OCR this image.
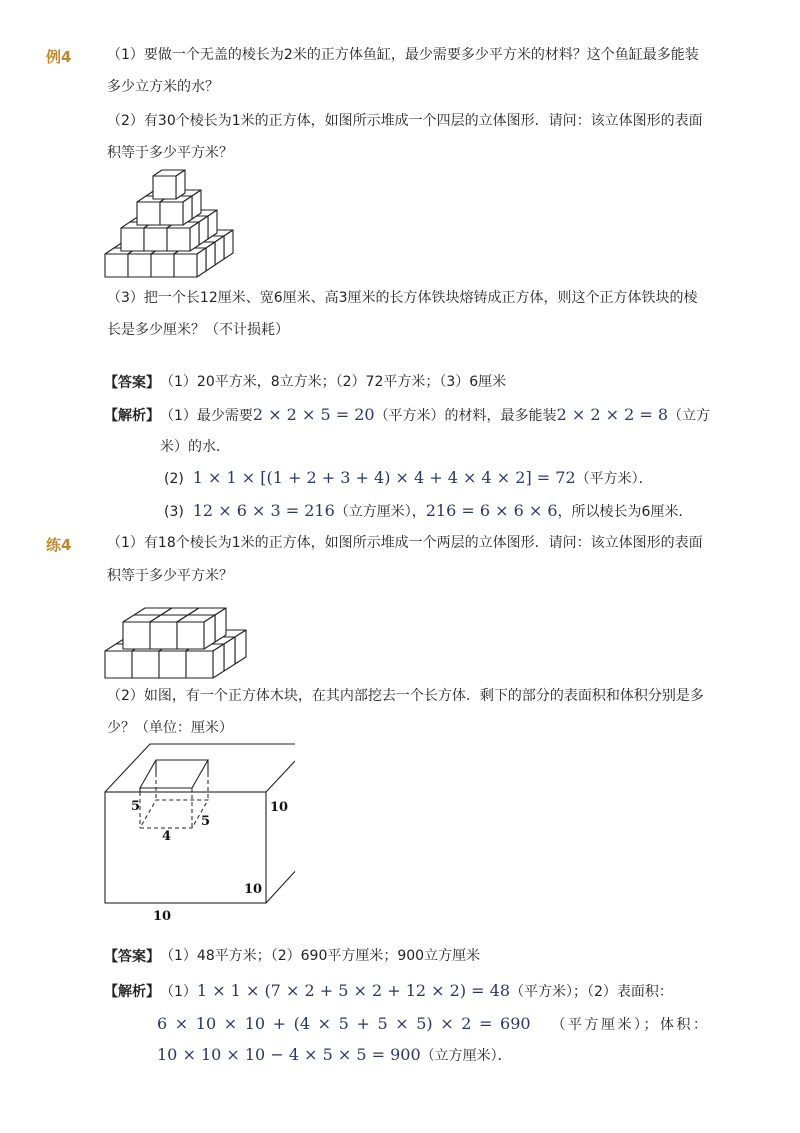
例4	（1）要做一个无盖的棱长为2米的正方体鱼缸，最少需要多少平方米的材料？这个鱼缸最多能装
多少立方米的水？
（2）有30个棱长为1米的正方体，如图所示堆成一个四层的立体图形．请问：该立体图形的表面
积等于多少平方米？
（3）把一个长12厘米、宽6厘米、高3厘米的长方体铁块熔铸成正方体，则这个正方体铁块的棱
长是多少厘米？（不计损耗）
【答案】 （1）20平方米，8立方米；（2）72平方米；（3）6厘米
【解析】 （1）最少需要2 × 2 × 5 = 20（平方米）的材料，最多能装2 × 2 × 2 = 8（立方
米）的水．
(2) 1 × 1 × [(1 + 2 + 3 + 4) × 4 + 4 × 4 × 2] = 72（平方米）．
(3) 12 × 6 × 3 = 216（立方厘米），216 = 6 × 6 × 6，所以棱长为6厘米．
练4	（1）有18个棱长为1米的正方体，如图所示堆成一个两层的立体图形．请问：该立体图形的表面
积等于多少平方米？
（2）如图，有一个正方体木块，在其内部挖去一个长方体．剩下的部分的表面积和体积分别是多
少？（单位：厘米）
5
4
5
10
10
10
【答案】 （1）48平方米；（2）690平方厘米；900立方厘米
【解析】 （1）1 × 1 × (7 × 2 + 5 × 2 + 12 × 2) = 48（平方米）；（2）表面积：
6 × 10 × 10 + (4 × 5 + 5 × 5) × 2 = 690 （平方厘米）；体积：
10 × 10 × 10 − 4 × 5 × 5 = 900（立方厘米）．
